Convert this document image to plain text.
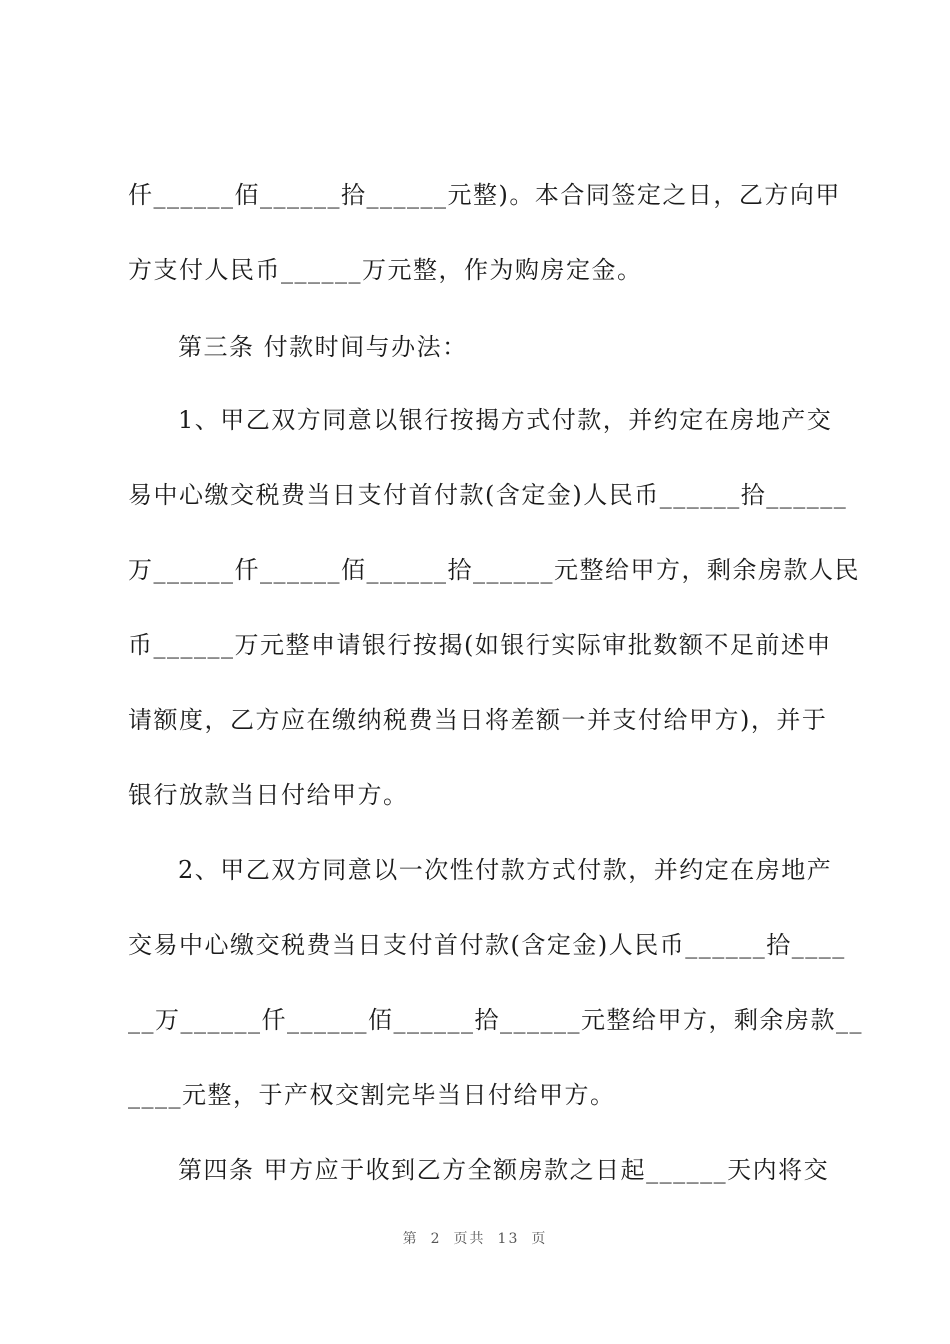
仟______佰______拾______元整)。本合同签定之日，乙方向甲
方支付人民币______万元整，作为购房定金。
第三条 付款时间与办法：
1、甲乙双方同意以银行按揭方式付款，并约定在房地产交
易中心缴交税费当日支付首付款(含定金)人民币______拾______
万______仟______佰______拾______元整给甲方，剩余房款人民
币______万元整申请银行按揭(如银行实际审批数额不足前述申
请额度，乙方应在缴纳税费当日将差额一并支付给甲方)，并于
银行放款当日付给甲方。
2、甲乙双方同意以一次性付款方式付款，并约定在房地产
交易中心缴交税费当日支付首付款(含定金)人民币______拾____
__万______仟______佰______拾______元整给甲方，剩余房款__
____元整，于产权交割完毕当日付给甲方。
第四条 甲方应于收到乙方全额房款之日起______天内将交
第 2 页共 13 页
